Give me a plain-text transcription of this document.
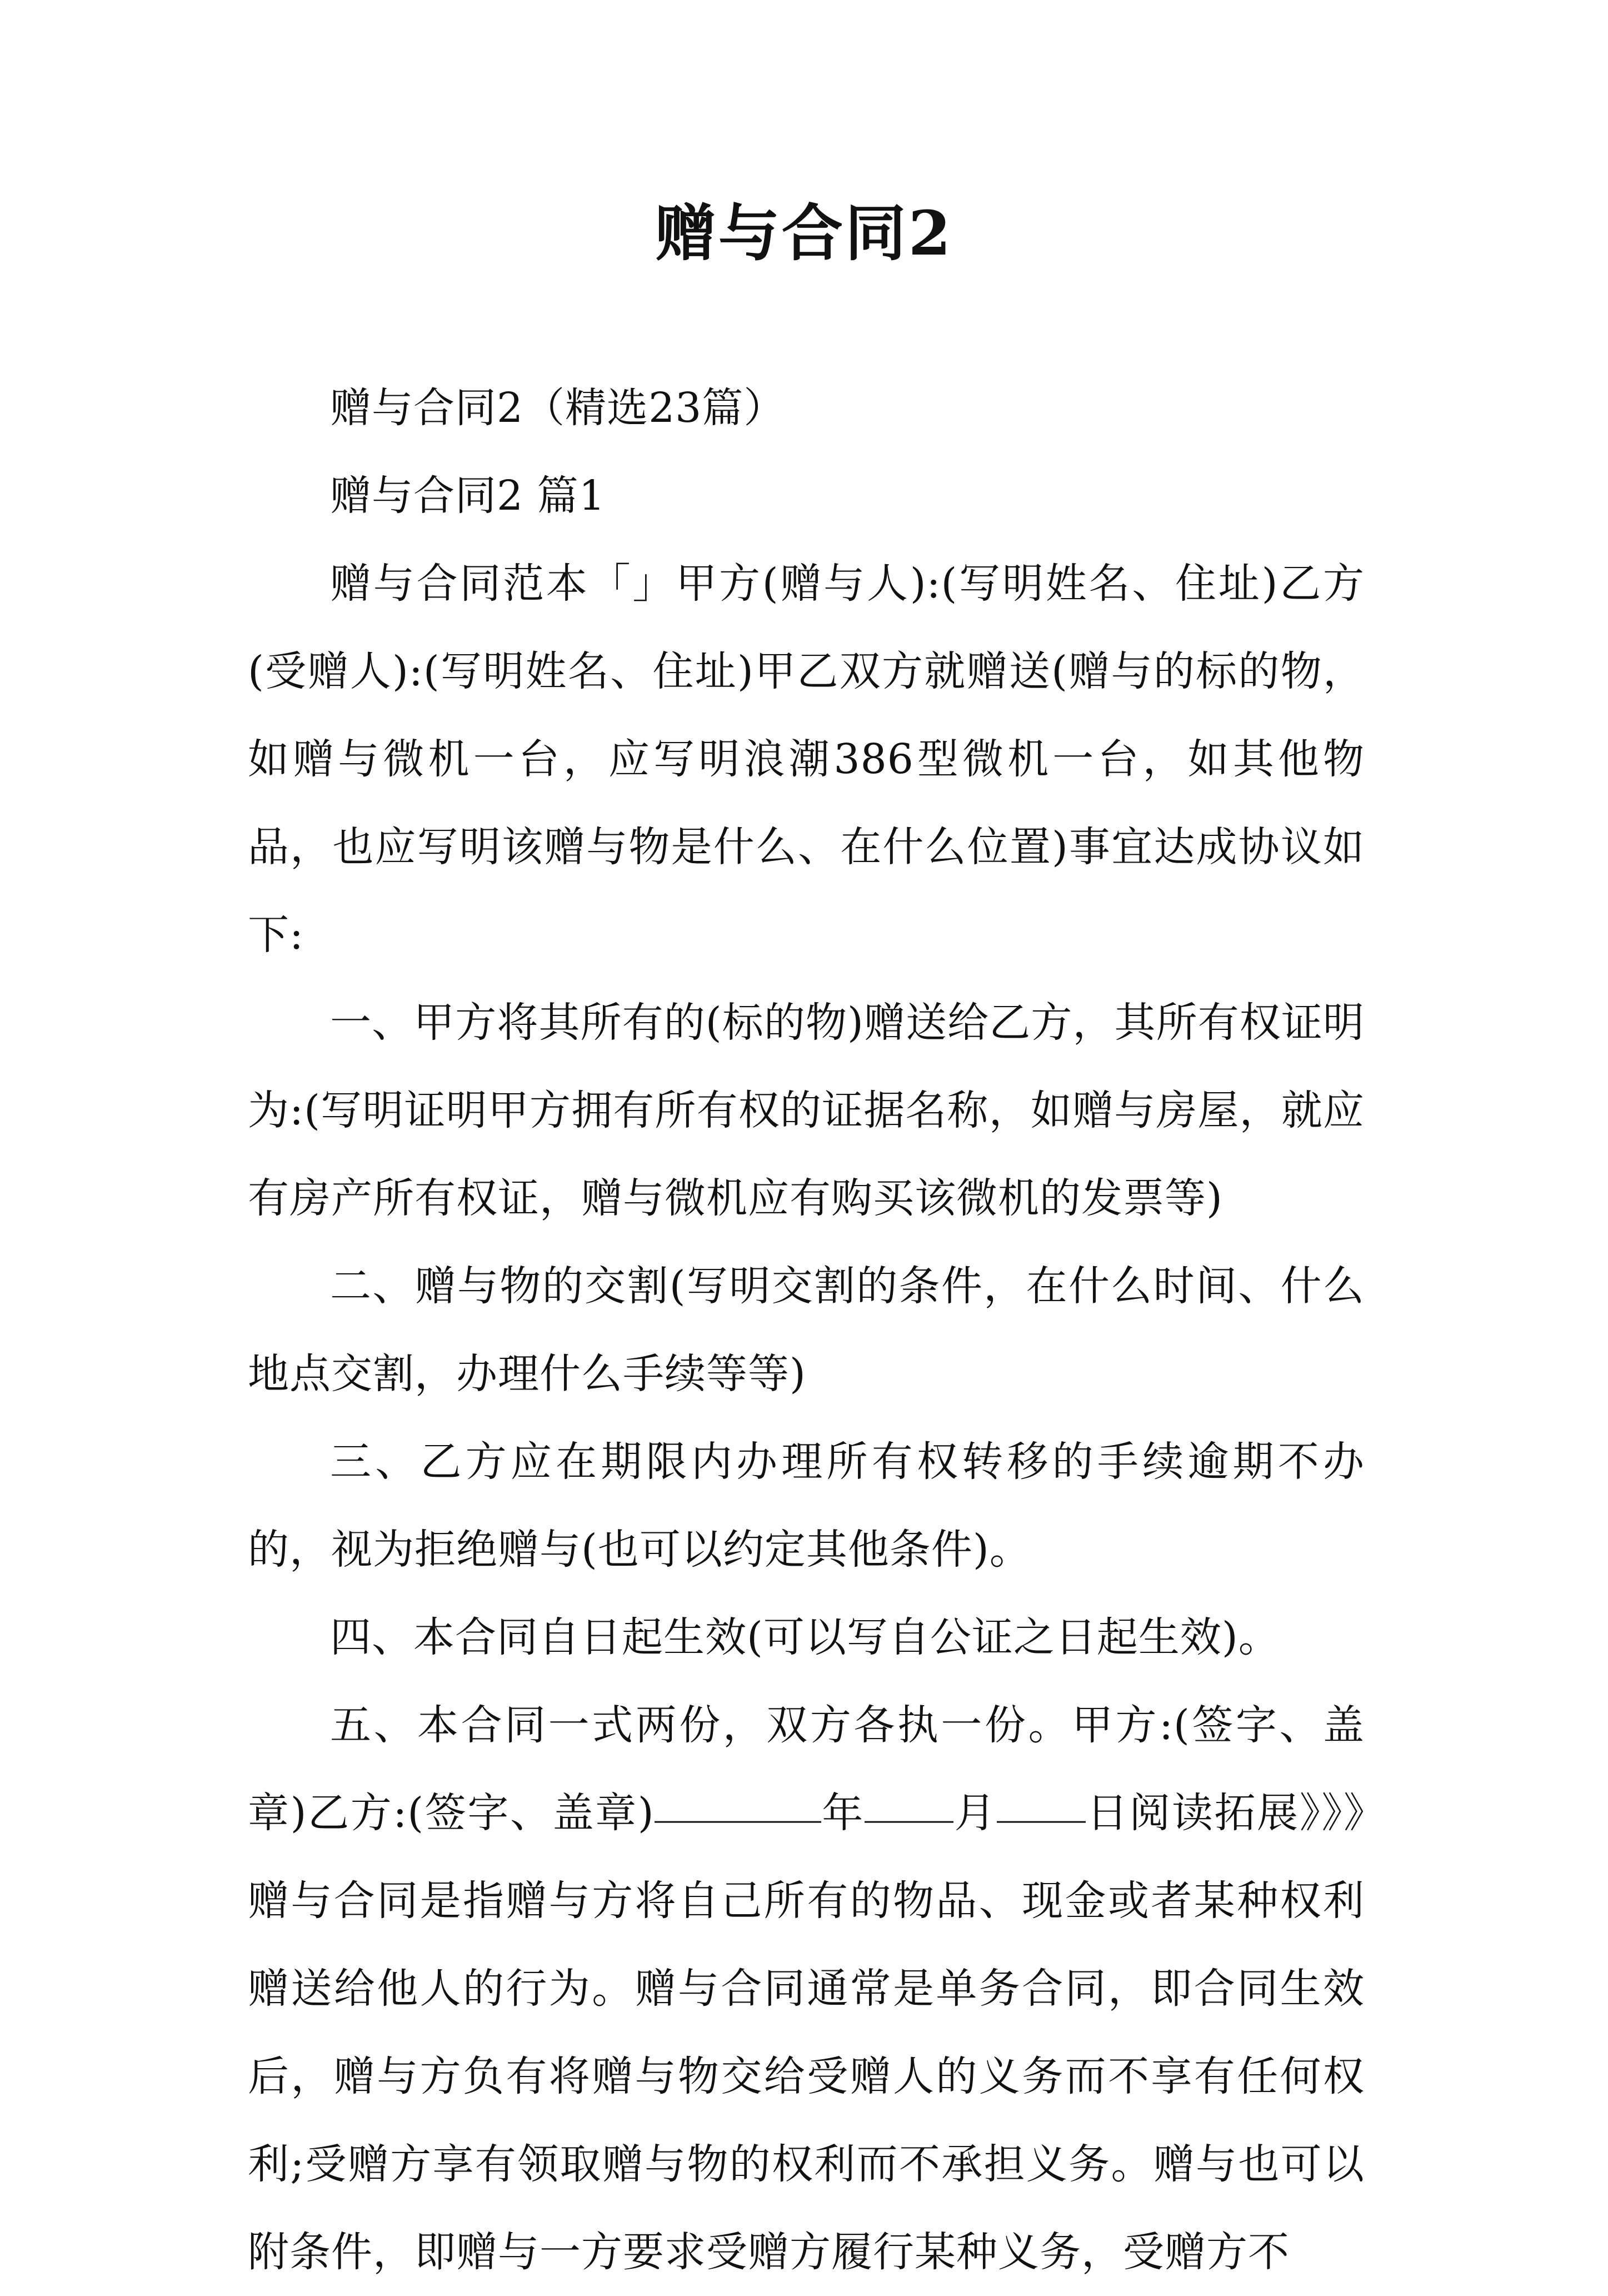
赠与合同2

赠与合同2（精选23篇）

赠与合同2 篇1

赠与合同范本「」甲方(赠与人):(写明姓名、住址)乙方(受赠人):(写明姓名、住址)甲乙双方就赠送(赠与的标的物，如赠与微机一台，应写明浪潮386型微机一台，如其他物品，也应写明该赠与物是什么、在什么位置)事宜达成协议如下:

一、甲方将其所有的(标的物)赠送给乙方，其所有权证明为:(写明证明甲方拥有所有权的证据名称，如赠与房屋，就应有房产所有权证，赠与微机应有购买该微机的发票等)

二、赠与物的交割(写明交割的条件，在什么时间、什么地点交割，办理什么手续等等)

三、乙方应在期限内办理所有权转移的手续逾期不办的，视为拒绝赠与(也可以约定其他条件)。

四、本合同自日起生效(可以写自公证之日起生效)。

五、本合同一式两份，双方各执一份。甲方:(签字、盖章)乙方:(签字、盖章)	年 月 日阅读拓展》》》赠与合同是指赠与方将自己所有的物品、现金或者某种权利赠送给他人的行为。赠与合同通常是单务合同，即合同生效后，赠与方负有将赠与物交给受赠人的义务而不享有任何权利;受赠方享有领取赠与物的权利而不承担义务。赠与也可以附条件，即赠与一方要求受赠方履行某种义务，受赠方不
